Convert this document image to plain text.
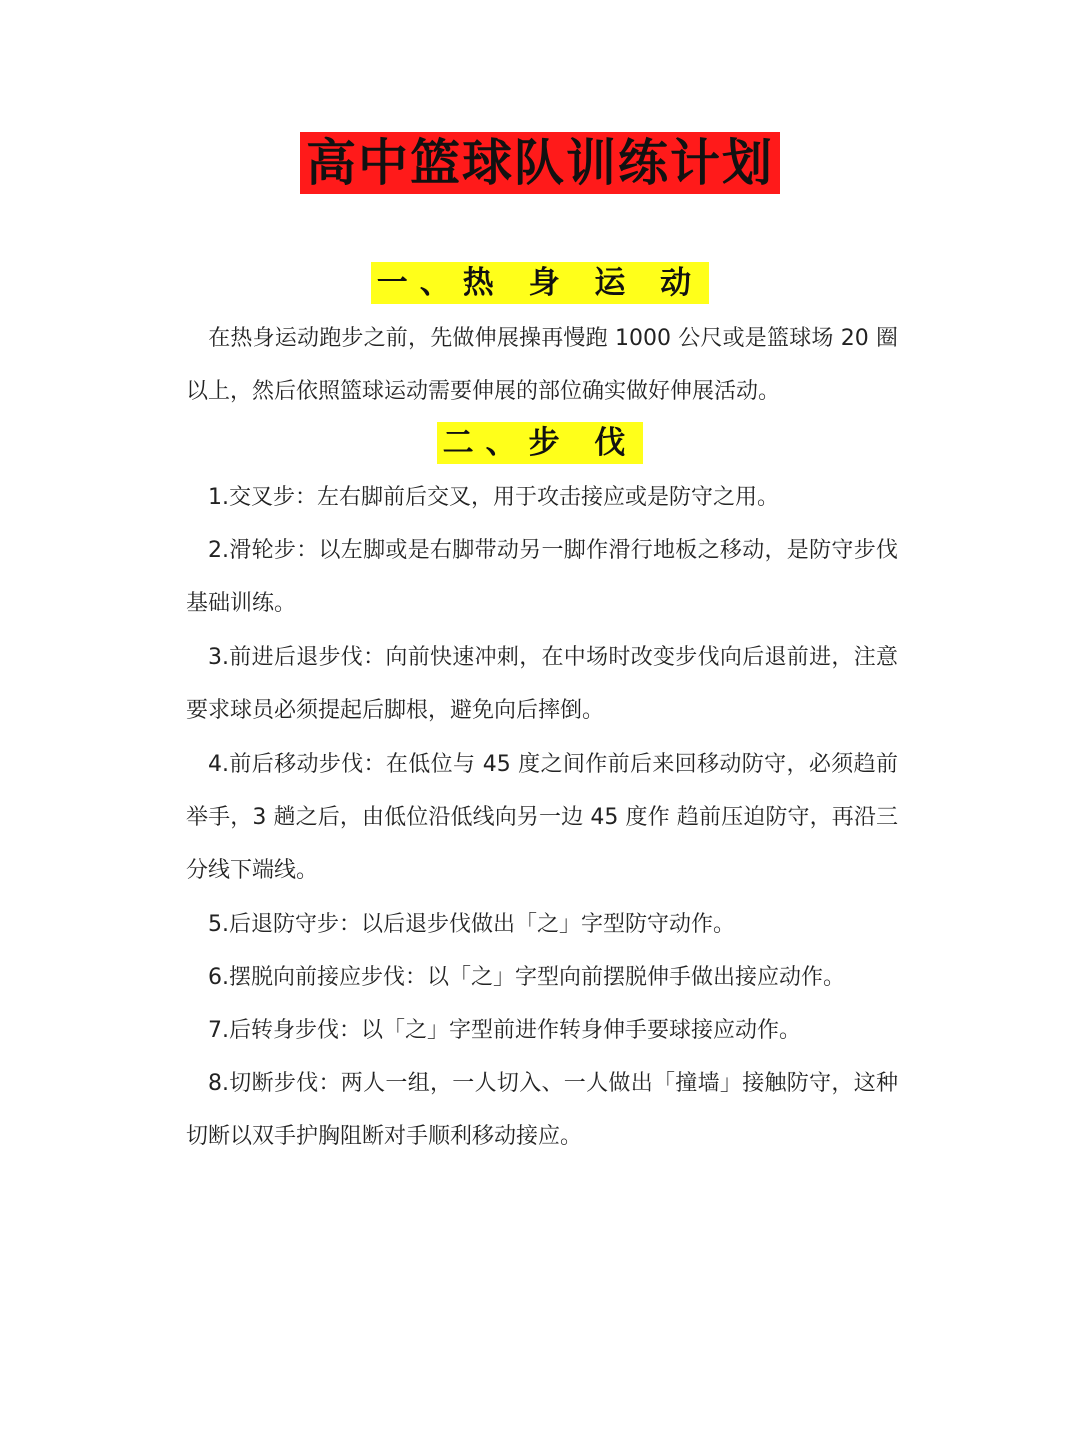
高中篮球队训练计划
一、热 身 运 动
在热身运动跑步之前，先做伸展操再慢跑 1000 公尺或是篮球场 20 圈以上，然后依照篮球运动需要伸展的部位确实做好伸展活动。
二、步 伐
1.交叉步：左右脚前后交叉，用于攻击接应或是防守之用。
2.滑轮步：以左脚或是右脚带动另一脚作滑行地板之移动，是防守步伐基础训练。
3.前进后退步伐：向前快速冲刺，在中场时改变步伐向后退前进，注意要求球员必须提起后脚根，避免向后摔倒。
4.前后移动步伐：在低位与 45 度之间作前后来回移动防守，必须趋前举手，3 趟之后，由低位沿低线向另一边 45 度作 趋前压迫防守，再沿三分线下端线。
5.后退防守步：以后退步伐做出「之」字型防守动作。
6.摆脱向前接应步伐：以「之」字型向前摆脱伸手做出接应动作。
7.后转身步伐：以「之」字型前进作转身伸手要球接应动作。
8.切断步伐：两人一组，一人切入、一人做出「撞墙」接触防守，这种切断以双手护胸阻断对手顺利移动接应。
